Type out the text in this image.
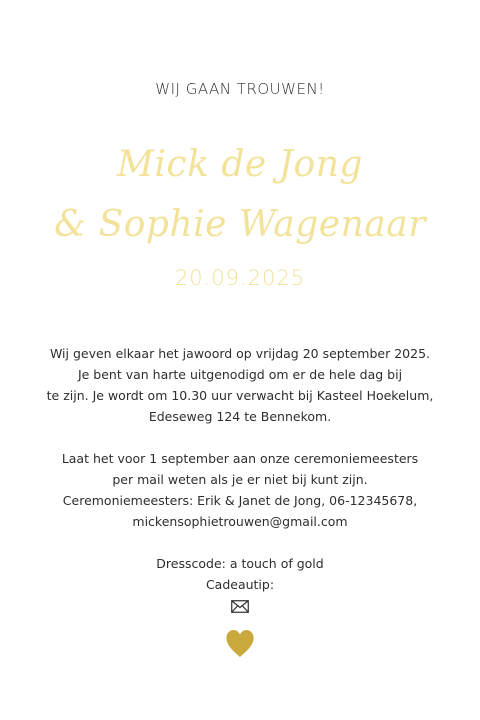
WIJ GAAN TROUWEN!
Mick de Jong
& Sophie Wagenaar
20.09.2025
Wij geven elkaar het jawoord op vrijdag 20 september 2025.
Je bent van harte uitgenodigd om er de hele dag bij
te zijn. Je wordt om 10.30 uur verwacht bij Kasteel Hoekelum,
Edeseweg 124 te Bennekom.
Laat het voor 1 september aan onze ceremoniemeesters
per mail weten als je er niet bij kunt zijn.
Ceremoniemeesters: Erik & Janet de Jong, 06-12345678,
mickensophietrouwen@gmail.com
Dresscode: a touch of gold
Cadeautip:
